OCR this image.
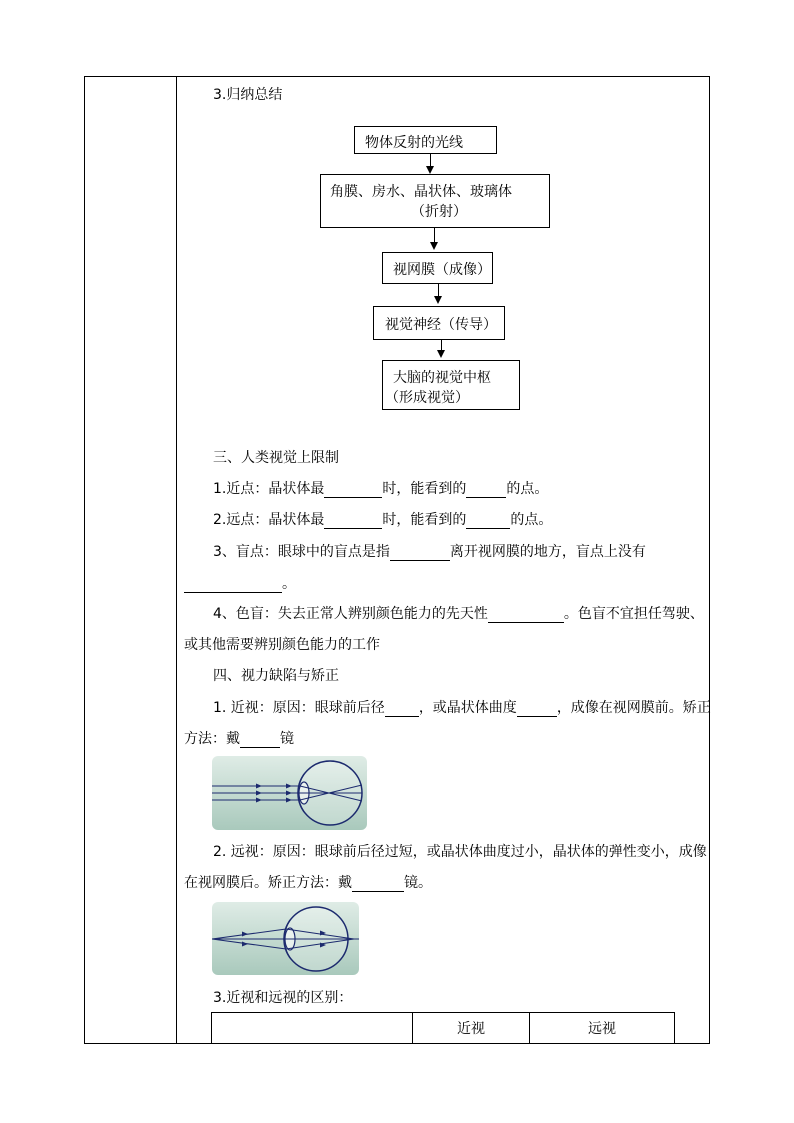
3.归纳总结
物体反射的光线
角膜、房水、晶状体、玻璃体
（折射）
视网膜（成像）
视觉神经（传导）
大脑的视觉中枢
（形成视觉）
三、人类视觉上限制
1.近点：晶状体最	时，能看到的	的点。
2.远点：晶状体最	时，能看到的	的点。
3、盲点：眼球中的盲点是指	离开视网膜的地方，盲点上没有
。
4、色盲：失去正常人辨别颜色能力的先天性	。色盲不宜担任驾驶、
或其他需要辨别颜色能力的工作
四、视力缺陷与矫正
1. 近视：原因：眼球前后径 ，或晶状体曲度	，成像在视网膜前。矫正
方法：戴	镜
2. 远视：原因：眼球前后径过短，或晶状体曲度过小，晶状体的弹性变小，成像
在视网膜后。矫正方法：戴	镜。
3.近视和远视的区别：
	近视	远视
